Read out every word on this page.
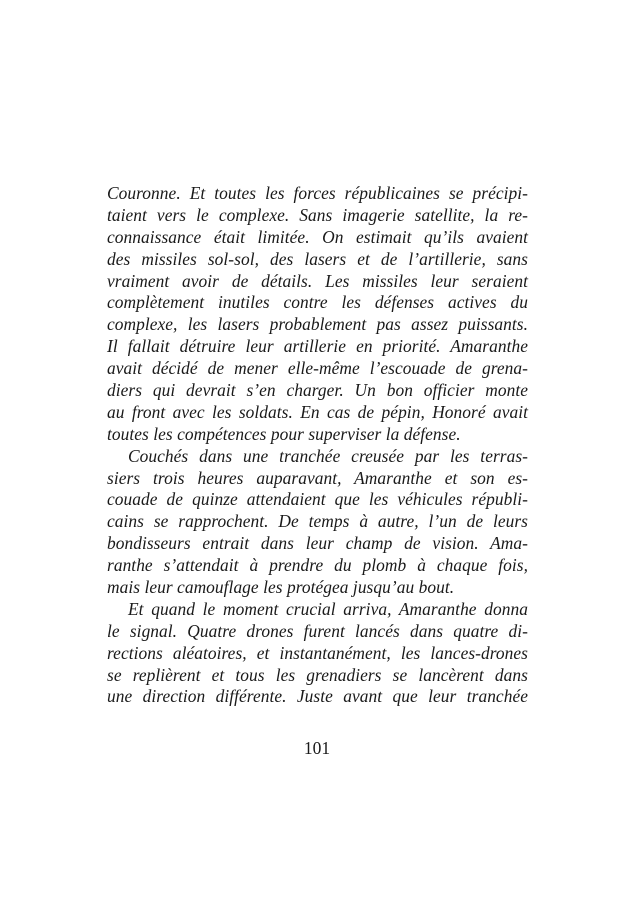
Couronne. Et toutes les forces républicaines se précipi-
taient vers le complexe. Sans imagerie satellite, la re-
connaissance était limitée. On estimait qu’ils avaient
des missiles sol-sol, des lasers et de l’artillerie, sans
vraiment avoir de détails. Les missiles leur seraient
complètement inutiles contre les défenses actives du
complexe, les lasers probablement pas assez puissants.
Il fallait détruire leur artillerie en priorité. Amaranthe
avait décidé de mener elle-même l’escouade de grena-
diers qui devrait s’en charger. Un bon officier monte
au front avec les soldats. En cas de pépin, Honoré avait
toutes les compétences pour superviser la défense.
Couchés dans une tranchée creusée par les terras-
siers trois heures auparavant, Amaranthe et son es-
couade de quinze attendaient que les véhicules républi-
cains se rapprochent. De temps à autre, l’un de leurs
bondisseurs entrait dans leur champ de vision. Ama-
ranthe s’attendait à prendre du plomb à chaque fois,
mais leur camouflage les protégea jusqu’au bout.
Et quand le moment crucial arriva, Amaranthe donna
le signal. Quatre drones furent lancés dans quatre di-
rections aléatoires, et instantanément, les lances-drones
se replièrent et tous les grenadiers se lancèrent dans
une direction différente. Juste avant que leur tranchée
101
